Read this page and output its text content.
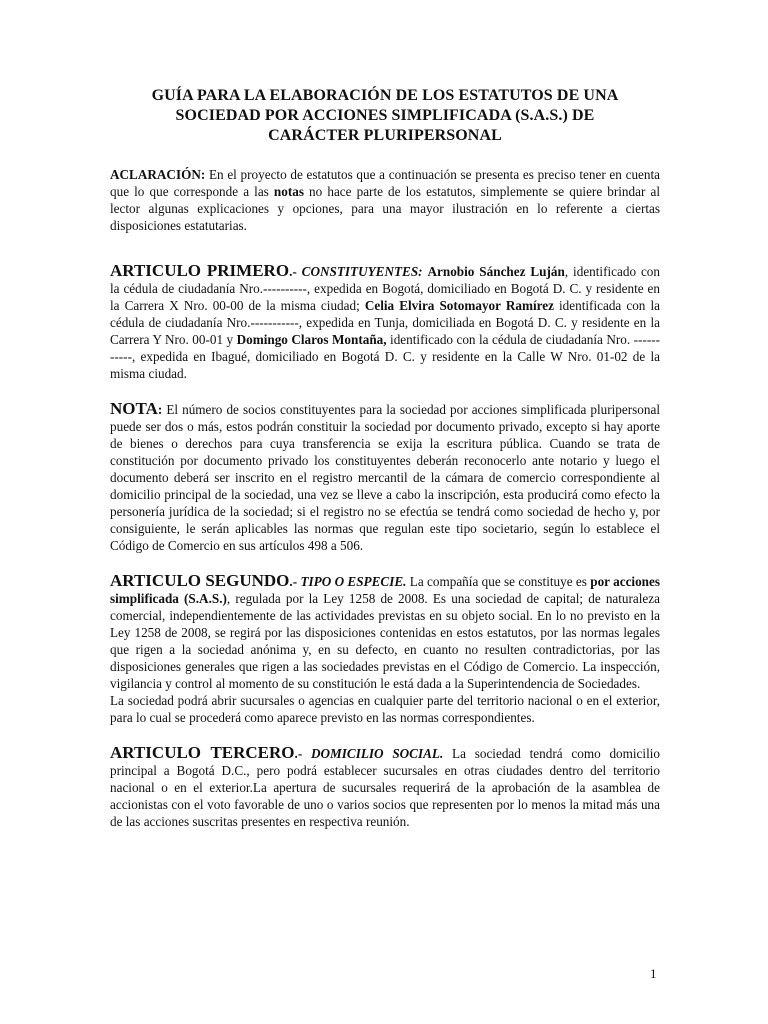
GUÍA PARA LA ELABORACIÓN DE LOS ESTATUTOS DE UNA
SOCIEDAD POR ACCIONES SIMPLIFICADA (S.A.S.) DE
CARÁCTER PLURIPERSONAL

ACLARACIÓN: En el proyecto de estatutos que a continuación se presenta es preciso tener en cuenta que lo que corresponde a las notas no hace parte de los estatutos, simplemente se quiere brindar al lector algunas explicaciones y opciones, para una mayor ilustración en lo referente a ciertas disposiciones estatutarias.

ARTICULO PRIMERO.- CONSTITUYENTES: Arnobio Sánchez Luján, identificado con la cédula de ciudadanía Nro.----------, expedida en Bogotá, domiciliado en Bogotá D. C. y residente en la Carrera X Nro. 00-00 de la misma ciudad; Celia Elvira Sotomayor Ramírez identificada con la cédula de ciudadanía Nro.-----------, expedida en Tunja, domiciliada en Bogotá D. C. y residente en la Carrera Y Nro. 00-01 y Domingo Claros Montaña, identificado con la cédula de ciudadanía Nro. -----------, expedida en Ibagué, domiciliado en Bogotá D. C. y residente en la Calle W Nro. 01-02 de la misma ciudad.

NOTA: El número de socios constituyentes para la sociedad por acciones simplificada pluripersonal puede ser dos o más, estos podrán constituir la sociedad por documento privado, excepto si hay aporte de bienes o derechos para cuya transferencia se exija la escritura pública. Cuando se trata de constitución por documento privado los constituyentes deberán reconocerlo ante notario y luego el documento deberá ser inscrito en el registro mercantil de la cámara de comercio correspondiente al domicilio principal de la sociedad, una vez se lleve a cabo la inscripción, esta producirá como efecto la personería jurídica de la sociedad; si el registro no se efectúa se tendrá como sociedad de hecho y, por consiguiente, le serán aplicables las normas que regulan este tipo societario, según lo establece el Código de Comercio en sus artículos 498 a 506.

ARTICULO SEGUNDO.- TIPO O ESPECIE. La compañía que se constituye es por acciones simplificada (S.A.S.), regulada por la Ley 1258 de 2008. Es una sociedad de capital; de naturaleza comercial, independientemente de las actividades previstas en su objeto social. En lo no previsto en la Ley 1258 de 2008, se regirá por las disposiciones contenidas en estos estatutos, por las normas legales que rigen a la sociedad anónima y, en su defecto, en cuanto no resulten contradictorias, por las disposiciones generales que rigen a las sociedades previstas en el Código de Comercio. La inspección, vigilancia y control al momento de su constitución le está dada a la Superintendencia de Sociedades.

La sociedad podrá abrir sucursales o agencias en cualquier parte del territorio nacional o en el exterior, para lo cual se procederá como aparece previsto en las normas correspondientes.

ARTICULO TERCERO.- DOMICILIO SOCIAL. La sociedad tendrá como domicilio principal a Bogotá D.C., pero podrá establecer sucursales en otras ciudades dentro del territorio nacional o en el exterior.La apertura de sucursales requerirá de la aprobación de la asamblea de accionistas con el voto favorable de uno o varios socios que representen por lo menos la mitad más una de las acciones suscritas presentes en respectiva reunión.

1
